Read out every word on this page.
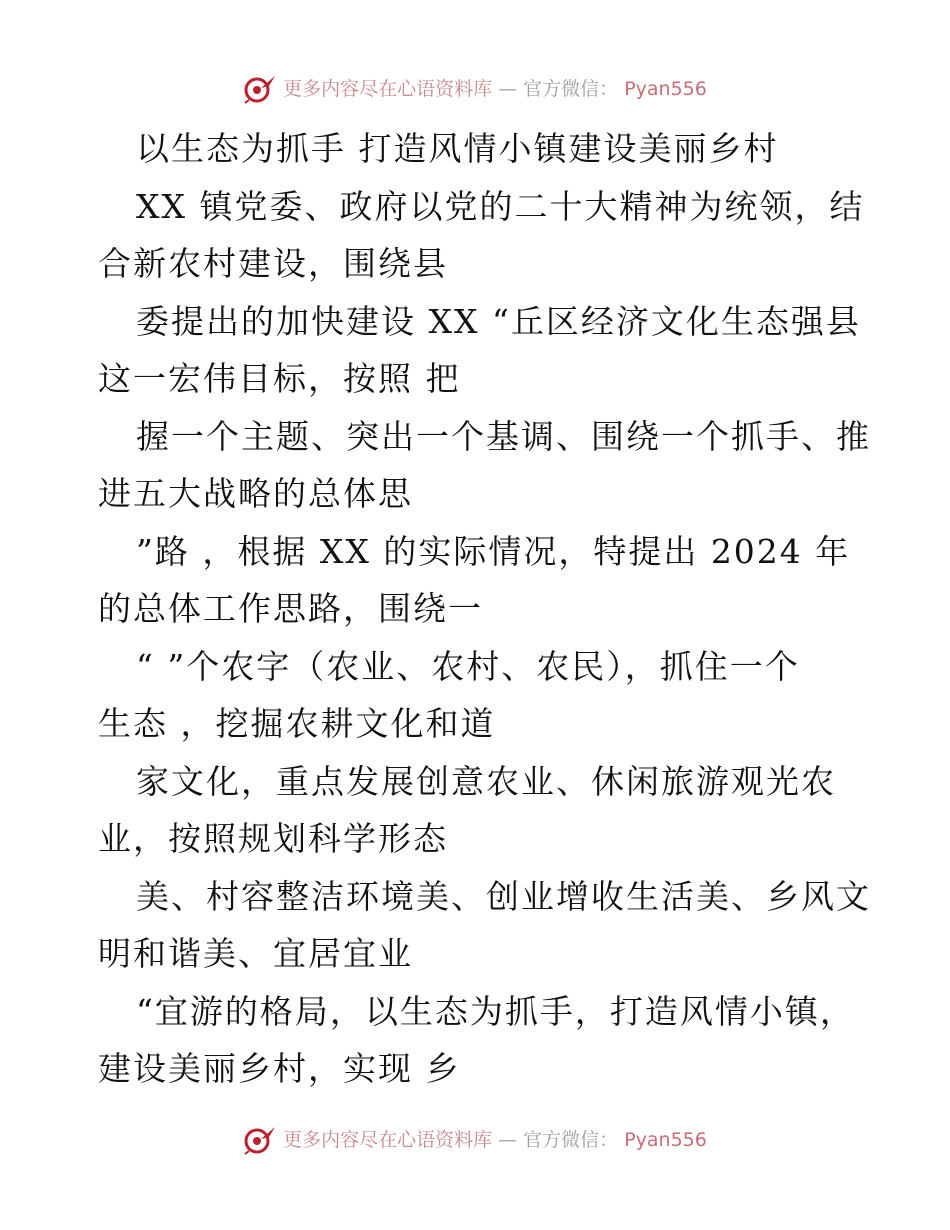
更多内容尽在心语资料库 — 官方微信： Pyan556
以生态为抓手 打造风情小镇建设美丽乡村
XX 镇党委、政府以党的二十大精神为统领，结
合新农村建设，围绕县
委提出的加快建设 XX “丘区经济文化生态强县
这一宏伟目标，按照 把
握一个主题、突出一个基调、围绕一个抓手、推
进五大战略的总体思
”路 ，根据 XX 的实际情况，特提出 2024 年
的总体工作思路，围绕一
“ ”个农字（农业、农村、农民），抓住一个
生态 ，挖掘农耕文化和道
家文化，重点发展创意农业、休闲旅游观光农
业，按照规划科学形态
美、村容整洁环境美、创业增收生活美、乡风文
明和谐美、宜居宜业
“宜游的格局，以生态为抓手，打造风情小镇，
建设美丽乡村，实现 乡
更多内容尽在心语资料库 — 官方微信： Pyan556
